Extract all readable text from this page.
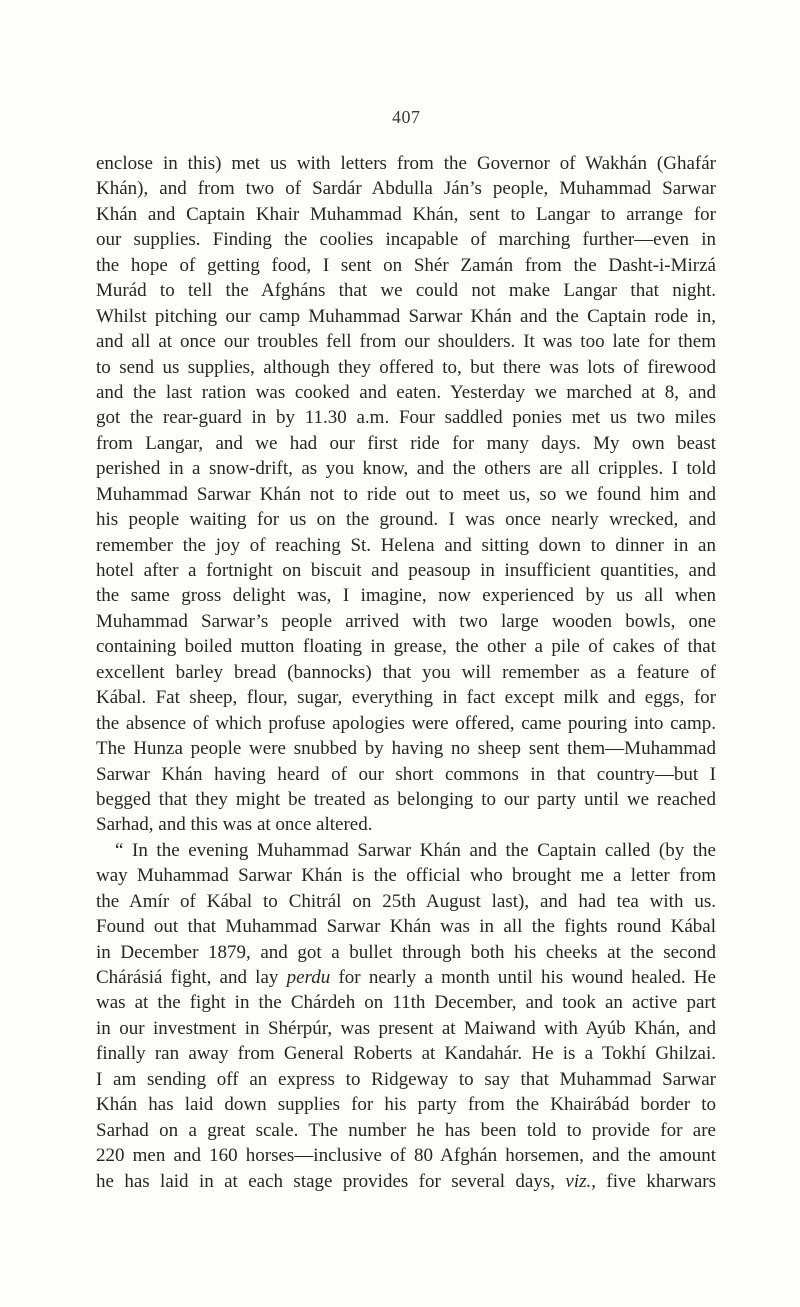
407
enclose in this) met us with letters from the Governor of Wakhán (Ghafár
Khán), and from two of Sardár Abdulla Ján’s people, Muhammad Sarwar
Khán and Captain Khair Muhammad Khán, sent to Langar to arrange for
our supplies. Finding the coolies incapable of marching further—even in
the hope of getting food, I sent on Shér Zamán from the Dasht-i-Mirzá
Murád to tell the Afgháns that we could not make Langar that night.
Whilst pitching our camp Muhammad Sarwar Khán and the Captain rode in,
and all at once our troubles fell from our shoulders. It was too late for them
to send us supplies, although they offered to, but there was lots of firewood
and the last ration was cooked and eaten. Yesterday we marched at 8, and
got the rear-guard in by 11.30 a.m. Four saddled ponies met us two miles
from Langar, and we had our first ride for many days. My own beast
perished in a snow-drift, as you know, and the others are all cripples. I told
Muhammad Sarwar Khán not to ride out to meet us, so we found him and
his people waiting for us on the ground. I was once nearly wrecked, and
remember the joy of reaching St. Helena and sitting down to dinner in an
hotel after a fortnight on biscuit and peasoup in insufficient quantities, and
the same gross delight was, I imagine, now experienced by us all when
Muhammad Sarwar’s people arrived with two large wooden bowls, one
containing boiled mutton floating in grease, the other a pile of cakes of that
excellent barley bread (bannocks) that you will remember as a feature of
Kábal. Fat sheep, flour, sugar, everything in fact except milk and eggs, for
the absence of which profuse apologies were offered, came pouring into camp.
The Hunza people were snubbed by having no sheep sent them—Muhammad
Sarwar Khán having heard of our short commons in that country—but I
begged that they might be treated as belonging to our party until we reached
Sarhad, and this was at once altered.
“ In the evening Muhammad Sarwar Khán and the Captain called (by the
way Muhammad Sarwar Khán is the official who brought me a letter from
the Amír of Kábal to Chitrál on 25th August last), and had tea with us.
Found out that Muhammad Sarwar Khán was in all the fights round Kábal
in December 1879, and got a bullet through both his cheeks at the second
Chárásiá fight, and lay perdu for nearly a month until his wound healed. He
was at the fight in the Chárdeh on 11th December, and took an active part
in our investment in Shérpúr, was present at Maiwand with Ayúb Khán, and
finally ran away from General Roberts at Kandahár. He is a Tokhí Ghilzai.
I am sending off an express to Ridgeway to say that Muhammad Sarwar
Khán has laid down supplies for his party from the Khairábád border to
Sarhad on a great scale. The number he has been told to provide for are
220 men and 160 horses—inclusive of 80 Afghán horsemen, and the amount
he has laid in at each stage provides for several days, viz., five kharwars
